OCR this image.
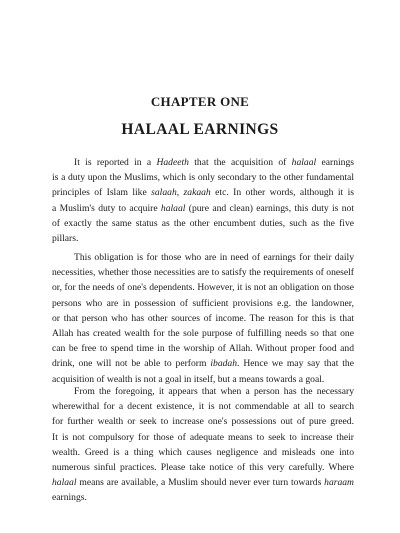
CHAPTER ONE
HALAAL EARNINGS
It is reported in a Hadeeth that the acquisition of halaal earnings
is a duty upon the Muslims, which is only secondary to the other fundamental
principles of Islam like salaah, zakaah etc. In other words, although it is
a Muslim's duty to acquire halaal (pure and clean) earnings, this duty is not
of exactly the same status as the other encumbent duties, such as the five
pillars.
This obligation is for those who are in need of earnings for their daily
necessities, whether those necessities are to satisfy the requirements of oneself
or, for the needs of one's dependents. However, it is not an obligation on those
persons who are in possession of sufficient provisions e.g. the landowner,
or that person who has other sources of income. The reason for this is that
Allah has created wealth for the sole purpose of fulfilling needs so that one
can be free to spend time in the worship of Allah. Without proper food and
drink, one will not be able to perform ibadah. Hence we may say that the
acquisition of wealth is not a goal in itself, but a means towards a goal.
From the foregoing, it appears that when a person has the necessary
wherewithal for a decent existence, it is not commendable at all to search
for further wealth or seek to increase one's possessions out of pure greed.
It is not compulsory for those of adequate means to seek to increase their
wealth. Greed is a thing which causes negligence and misleads one into
numerous sinful practices. Please take notice of this very carefully. Where
halaal means are available, a Muslim should never ever turn towards haraam
earnings.
